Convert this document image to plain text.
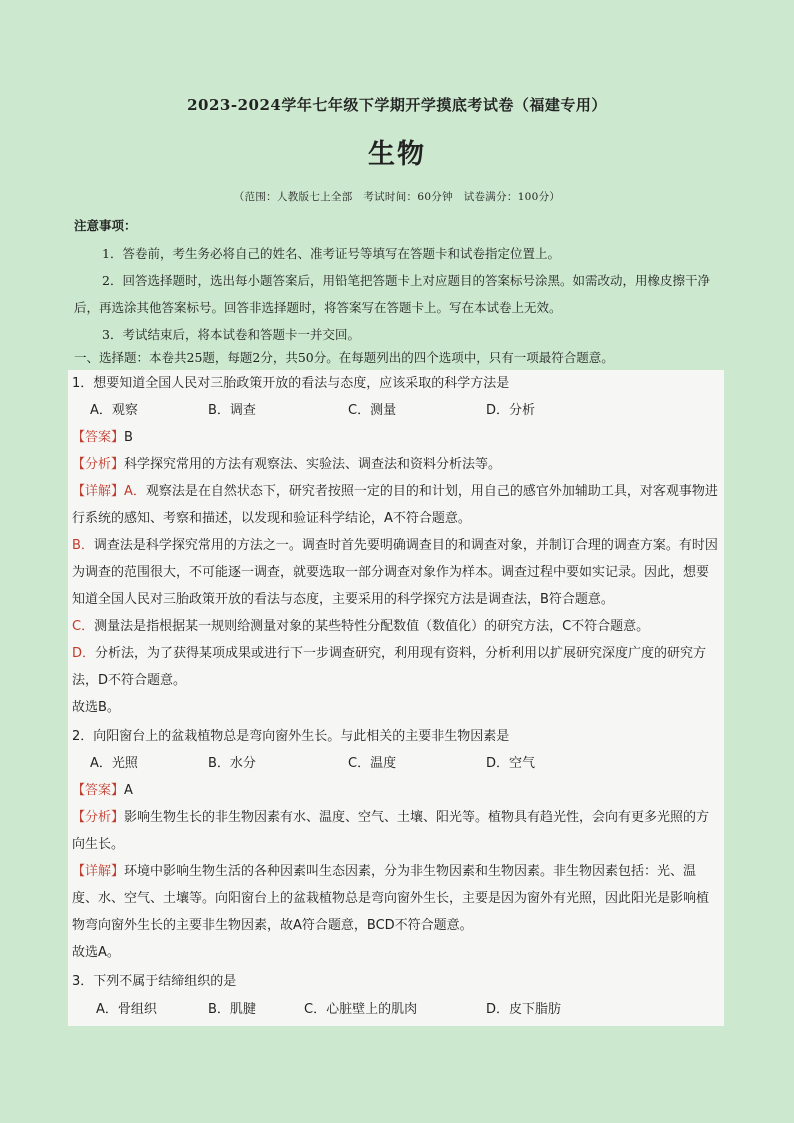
2023-2024学年七年级下学期开学摸底考试卷（福建专用）
生物
（范围：人教版七上全部　考试时间：60分钟　试卷满分：100分）
注意事项：

1．答卷前，考生务必将自己的姓名、准考证号等填写在答题卡和试卷指定位置上。

2．回答选择题时，选出每小题答案后，用铅笔把答题卡上对应题目的答案标号涂黑。如需改动，用橡皮擦干净后，再选涂其他答案标号。回答非选择题时，将答案写在答题卡上。写在本试卷上无效。

3．考试结束后，将本试卷和答题卡一并交回。

一、选择题：本卷共25题，每题2分，共50分。在每题列出的四个选项中，只有一项最符合题意。
1．想要知道全国人民对三胎政策开放的看法与态度，应该采取的科学方法是
A．观察	B．调查	C．测量	D．分析
【答案】B
【分析】科学探究常用的方法有观察法、实验法、调查法和资料分析法等。
【详解】A．观察法是在自然状态下，研究者按照一定的目的和计划，用自己的感官外加辅助工具，对客观事物进行系统的感知、考察和描述，以发现和验证科学结论，A不符合题意。
B．调查法是科学探究常用的方法之一。调查时首先要明确调查目的和调查对象，并制订合理的调查方案。有时因为调查的范围很大，不可能逐一调查，就要选取一部分调查对象作为样本。调查过程中要如实记录。因此，想要知道全国人民对三胎政策开放的看法与态度，主要采用的科学探究方法是调查法，B符合题意。
C．测量法是指根据某一规则给测量对象的某些特性分配数值（数值化）的研究方法，C不符合题意。
D．分析法，为了获得某项成果或进行下一步调查研究，利用现有资料，分析利用以扩展研究深度广度的研究方法，D不符合题意。
故选B。
2．向阳窗台上的盆栽植物总是弯向窗外生长。与此相关的主要非生物因素是
A．光照	B．水分	C．温度	D．空气
【答案】A
【分析】影响生物生长的非生物因素有水、温度、空气、土壤、阳光等。植物具有趋光性，会向有更多光照的方向生长。
【详解】环境中影响生物生活的各种因素叫生态因素，分为非生物因素和生物因素。非生物因素包括：光、温度、水、空气、土壤等。向阳窗台上的盆栽植物总是弯向窗外生长，主要是因为窗外有光照，因此阳光是影响植物弯向窗外生长的主要非生物因素，故A符合题意，BCD不符合题意。
故选A。
3．下列不属于结缔组织的是
A．骨组织	B．肌腱	C．心脏壁上的肌肉	D．皮下脂肪
